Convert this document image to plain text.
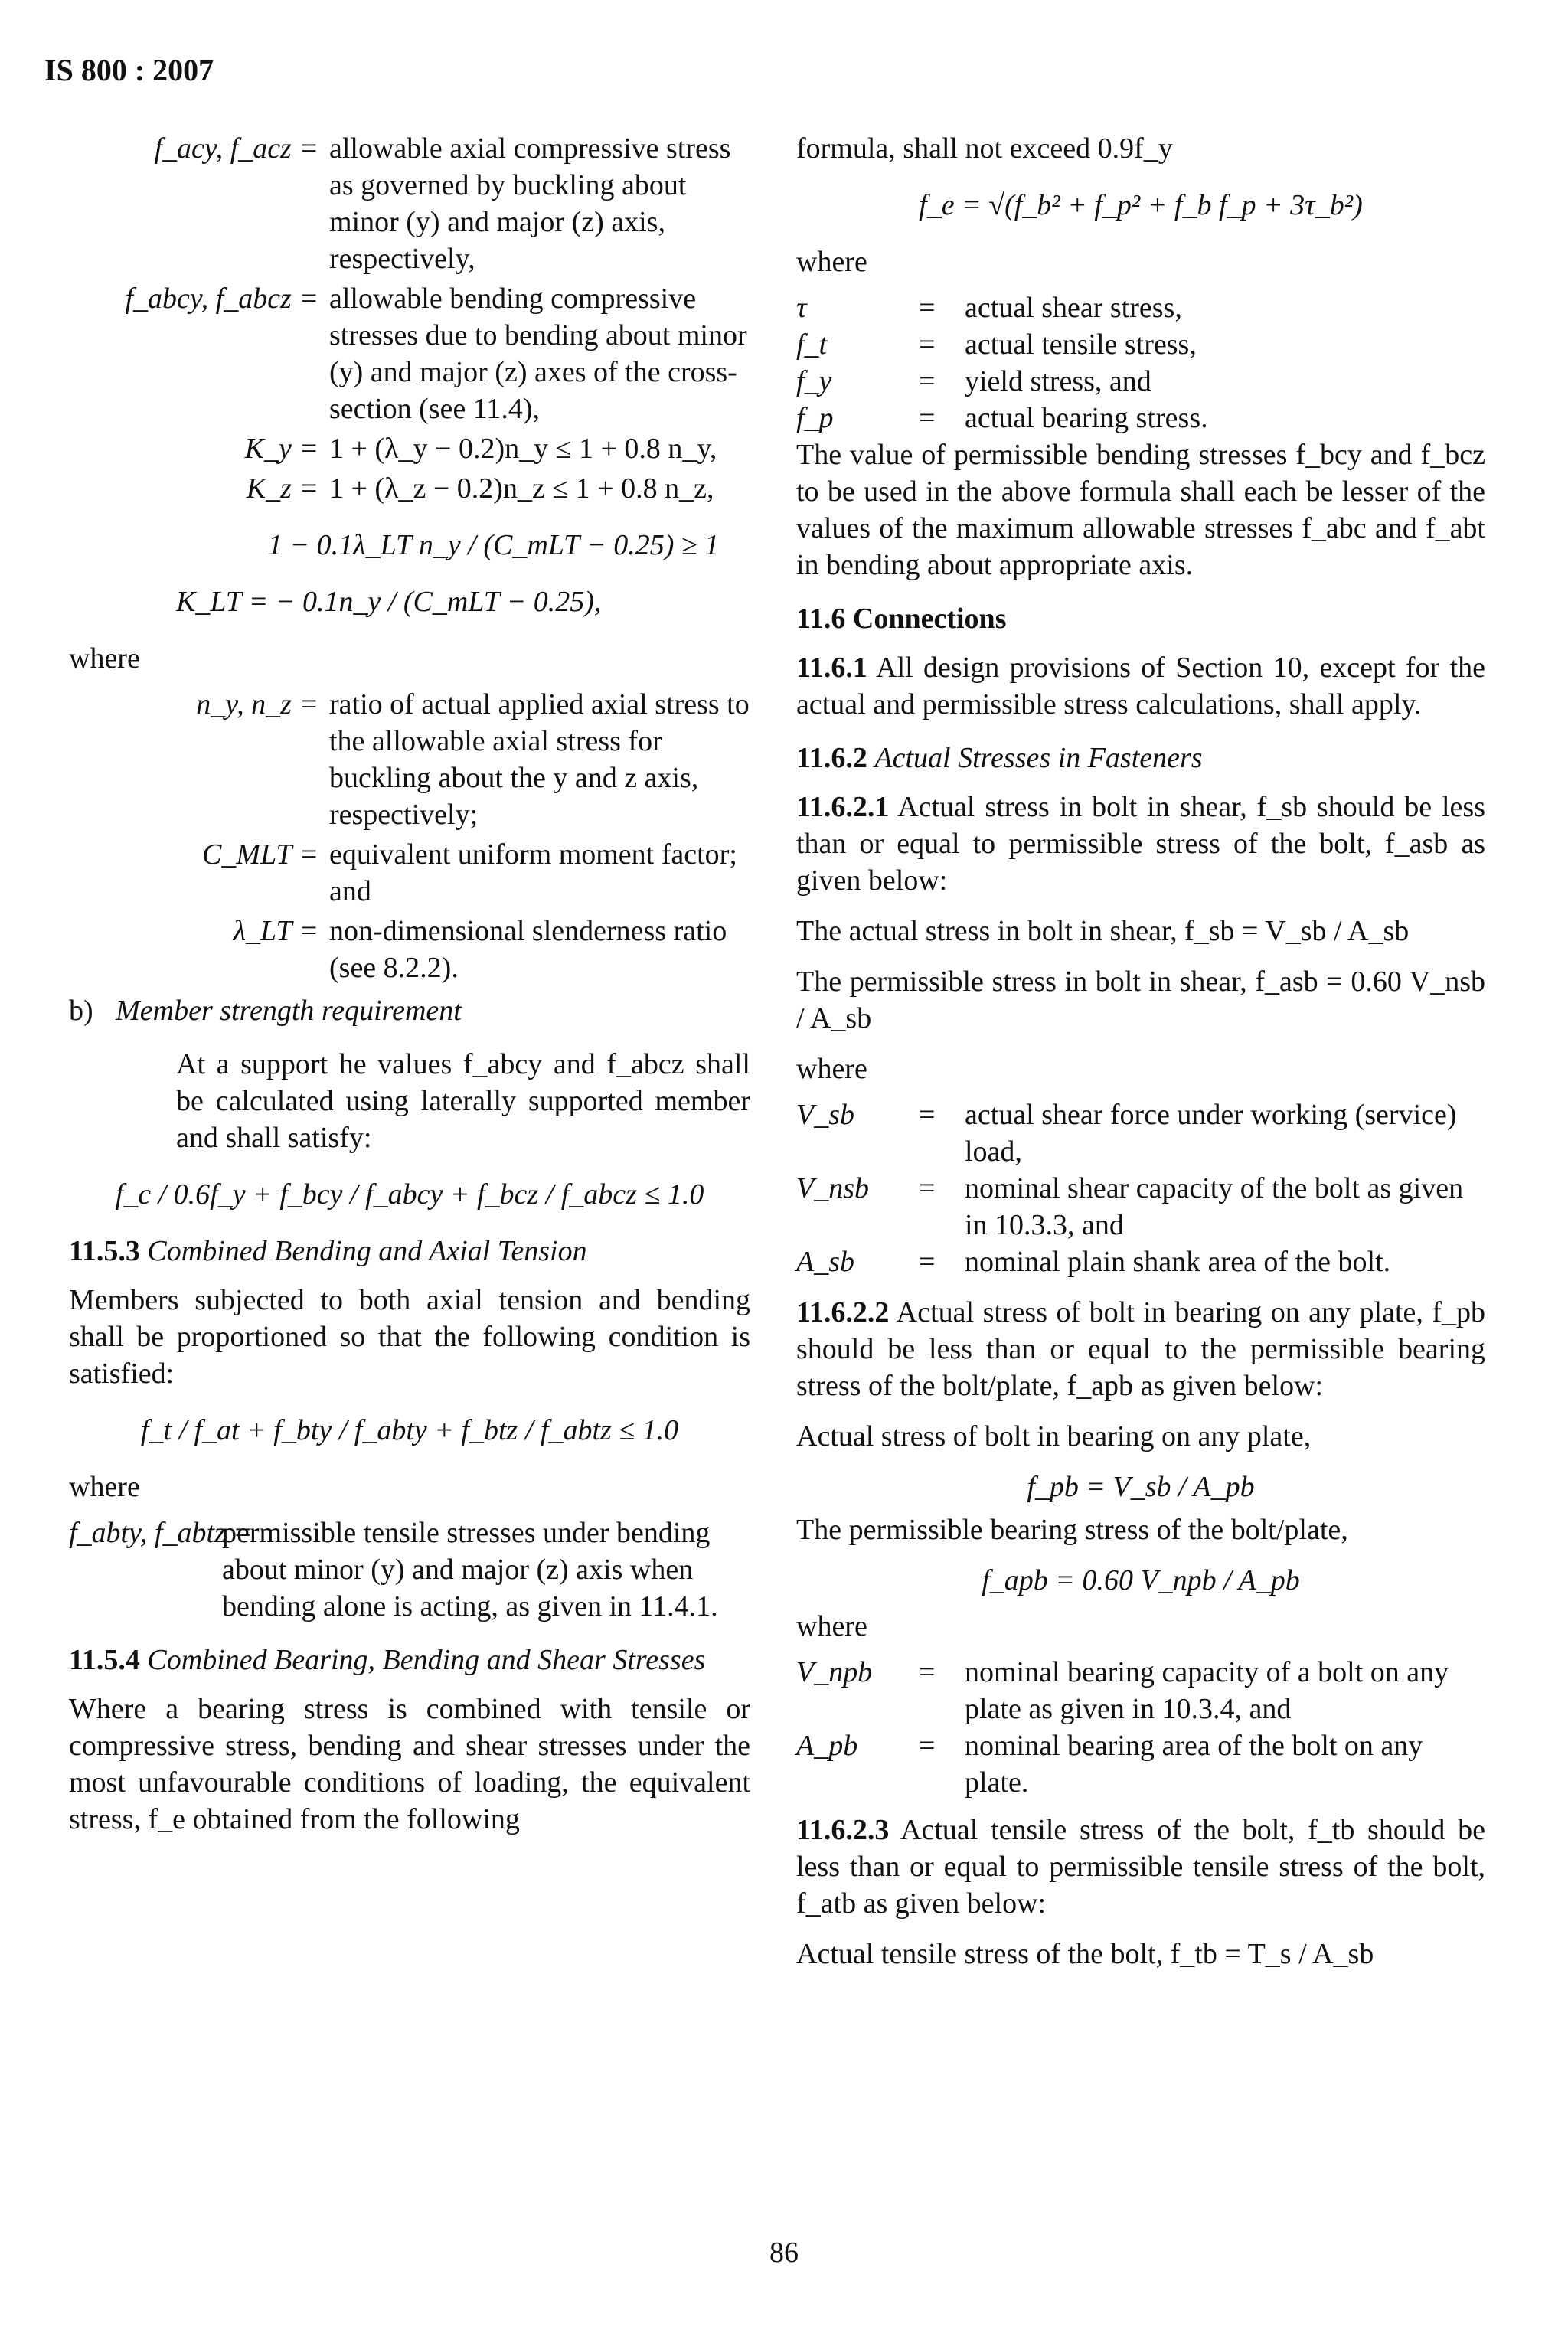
IS 800 : 2007
f_acy, f_acz = allowable axial compressive stress as governed by buckling about minor (y) and major (z) axis, respectively,
f_abcy, f_abcz = allowable bending compressive stresses due to bending about minor (y) and major (z) axes of the cross-section (see 11.4),
K_y = 1 + (λ_y − 0.2)n_y ≤ 1 + 0.8 n_y,
K_z = 1 + (λ_z − 0.2)n_z ≤ 1 + 0.8 n_z,
1 − 0.1λ_LT n_y / (C_mLT − 0.25) ≥ 1
K_LT = − 0.1n_y / (C_mLT − 0.25),
where
n_y, n_z = ratio of actual applied axial stress to the allowable axial stress for buckling about the y and z axis, respectively;
C_MLT = equivalent uniform moment factor; and
λ_LT = non-dimensional slenderness ratio (see 8.2.2).
b) Member strength requirement
At a support he values f_abcy and f_abcz shall be calculated using laterally supported member and shall satisfy:
f_c / 0.6f_y + f_bcy / f_abcy + f_bcz / f_abcz ≤ 1.0
11.5.3 Combined Bending and Axial Tension
Members subjected to both axial tension and bending shall be proportioned so that the following condition is satisfied:
f_t / f_at + f_bty / f_abty + f_btz / f_abtz ≤ 1.0
where
f_abty, f_abtz =
permissible tensile stresses under bending about minor (y) and major (z) axis when bending alone is acting, as given in 11.4.1.
11.5.4 Combined Bearing, Bending and Shear Stresses
Where a bearing stress is combined with tensile or compressive stress, bending and shear stresses under the most unfavourable conditions of loading, the equivalent stress, f_e obtained from the following
formula, shall not exceed 0.9f_y
f_e = √(f_b² + f_p² + f_b f_p + 3τ_b²)
where
τ	=	actual shear stress,
f_t	=	actual tensile stress,
f_y	=	yield stress, and
f_p	=	actual bearing stress.
The value of permissible bending stresses f_bcy and f_bcz to be used in the above formula shall each be lesser of the values of the maximum allowable stresses f_abc and f_abt in bending about appropriate axis.
11.6 Connections
11.6.1 All design provisions of Section 10, except for the actual and permissible stress calculations, shall apply.
11.6.2 Actual Stresses in Fasteners
11.6.2.1 Actual stress in bolt in shear, f_sb should be less than or equal to permissible stress of the bolt, f_asb as given below:
The actual stress in bolt in shear, f_sb = V_sb / A_sb
The permissible stress in bolt in shear, f_asb = 0.60 V_nsb / A_sb
where
V_sb	=	actual shear force under working (service) load,
V_nsb	=	nominal shear capacity of the bolt as given in 10.3.3, and
A_sb	=	nominal plain shank area of the bolt.
11.6.2.2 Actual stress of bolt in bearing on any plate, f_pb should be less than or equal to the permissible bearing stress of the bolt/plate, f_apb as given below:
Actual stress of bolt in bearing on any plate,
f_pb = V_sb / A_pb
The permissible bearing stress of the bolt/plate,
f_apb = 0.60 V_npb / A_pb
where
V_npb	=	nominal bearing capacity of a bolt on any plate as given in 10.3.4, and
A_pb	=	nominal bearing area of the bolt on any plate.
11.6.2.3 Actual tensile stress of the bolt, f_tb should be less than or equal to permissible tensile stress of the bolt, f_atb as given below:
Actual tensile stress of the bolt, f_tb = T_s / A_sb
86
